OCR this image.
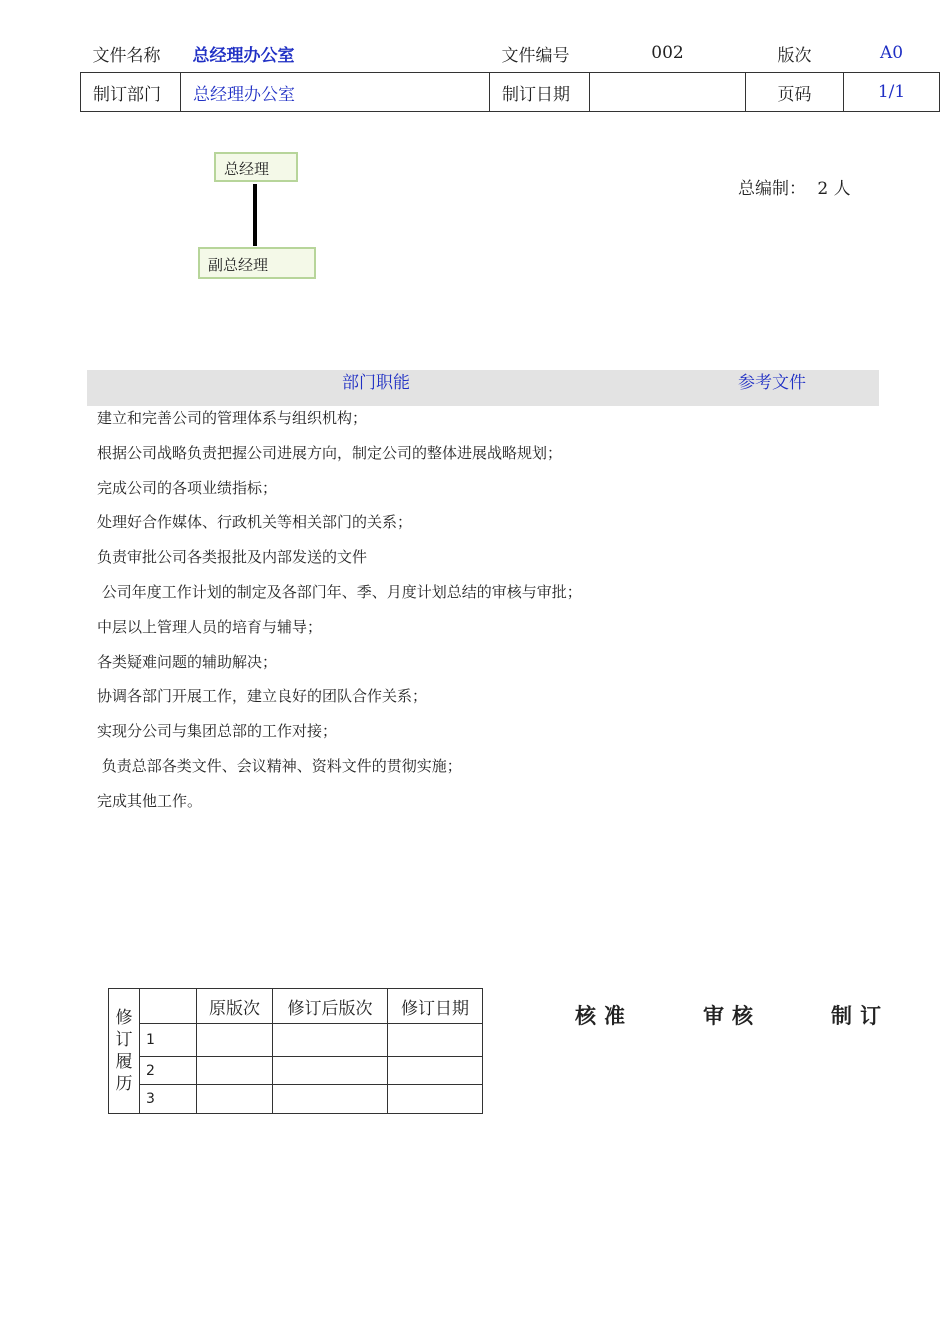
文件名称	总经理办公室	文件编号	002	版次	A0
制订部门	总经理办公室	制订日期		页码	1/1
总经理
副总经理
总编制： 2 人
部门职能	参考文件
建立和完善公司的管理体系与组织机构；
根据公司战略负责把握公司进展方向，制定公司的整体进展战略规划；
完成公司的各项业绩指标；
处理好合作媒体、行政机关等相关部门的关系；
负责审批公司各类报批及内部发送的文件
公司年度工作计划的制定及各部门年、季、月度计划总结的审核与审批；
中层以上管理人员的培育与辅导；
各类疑难问题的辅助解决；
协调各部门开展工作，建立良好的团队合作关系；
实现分公司与集团总部的工作对接；
负责总部各类文件、会议精神、资料文件的贯彻实施；
完成其他工作。
修订履历		原版次	修订后版次	修订日期
	1			
	2			
	3			
核准	审核	制订
